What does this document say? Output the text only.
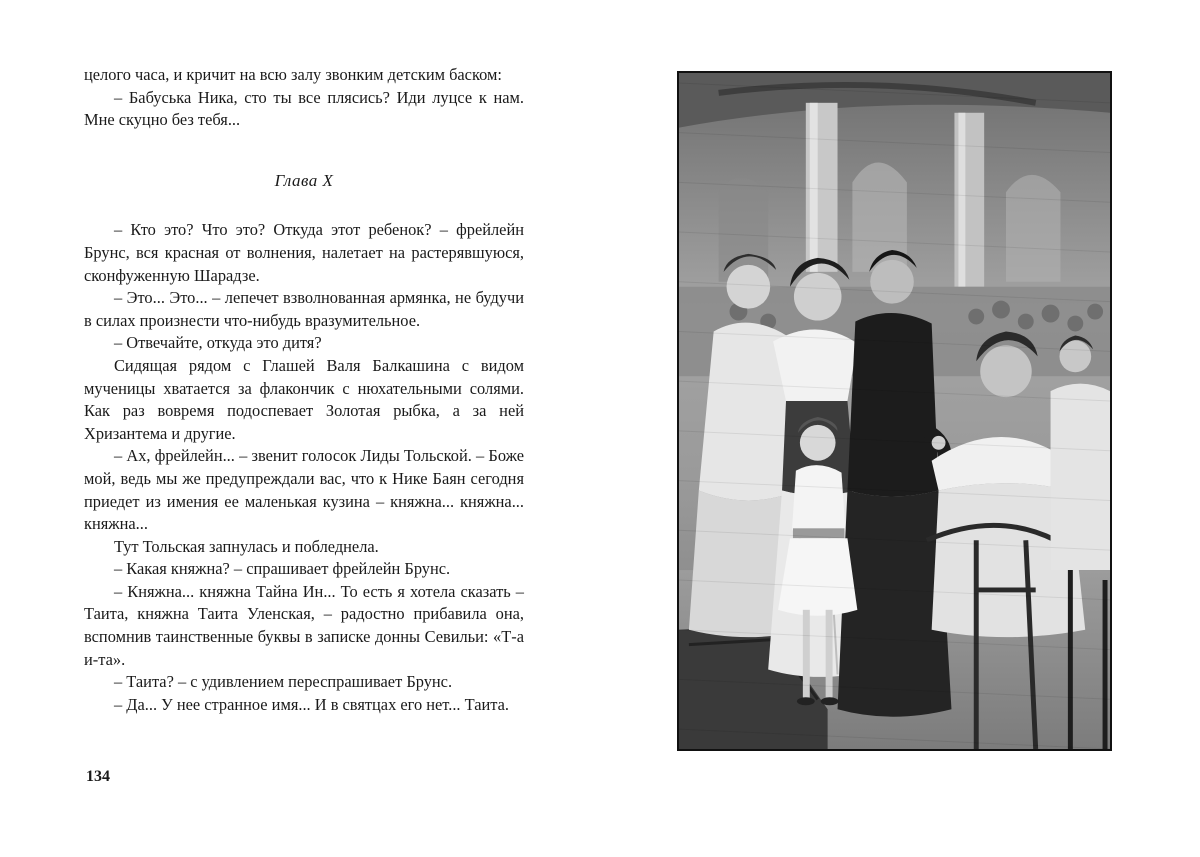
целого часа, и кричит на всю залу звонким детским баском:

– Бабуська Ника, сто ты все плясись? Иди луцсе к нам. Мне скуцно без тебя...

Глава X

– Кто это? Что это? Откуда этот ребенок? – фрейлейн Брунс, вся красная от волнения, налетает на растерявшуюся, сконфуженную Шарадзе.

– Это... Это... – лепечет взволнованная армянка, не будучи в силах произнести что-нибудь вразумительное.

– Отвечайте, откуда это дитя?

Сидящая рядом с Глашей Валя Балкашина с видом мученицы хватается за флакончик с нюхательными солями. Как раз вовремя подоспевает Золотая рыбка, а за ней Хризантема и другие.

– Ах, фрейлейн... – звенит голосок Лиды Тольской. – Боже мой, ведь мы же предупреждали вас, что к Нике Баян сегодня приедет из имения ее маленькая кузина – княжна... княжна... княжна...

Тут Тольская запнулась и побледнела.

– Какая княжна? – спрашивает фрейлейн Брунс.

– Княжна... княжна Тайна Ин... То есть я хотела сказать – Таита, княжна Таита Уленская, – радостно прибавила она, вспомнив таинственные буквы в записке донны Севильи: «Т-а и-та».

– Таита? – с удивлением переспрашивает Брунс.

– Да... У нее странное имя... И в святцах его нет... Таита.

134
